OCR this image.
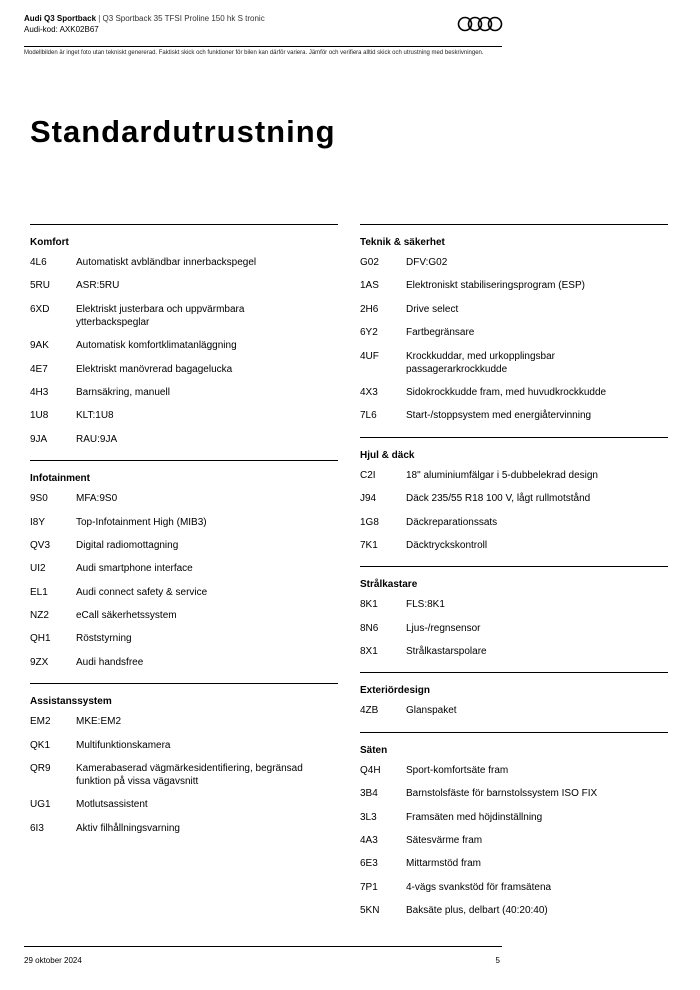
Audi Q3 Sportback | Q3 Sportback 35 TFSI Proline 150 hk S tronic
Audi-kod: AXK02B67
Modellbilden är inget foto utan tekniskt genererad. Faktiskt skick och funktioner för bilen kan därför variera. Jämför och verifiera alltid skick och utrustning med beskrivningen.
Standardutrustning
Komfort
4L6	Automatiskt avbländbar innerbackspegel
5RU	ASR:5RU
6XD	Elektriskt justerbara och uppvärmbara ytterbackspeglar
9AK	Automatisk komfortklimatanläggning
4E7	Elektriskt manövrerad bagagelucka
4H3	Barnsäkring, manuell
1U8	KLT:1U8
9JA	RAU:9JA
Infotainment
9S0	MFA:9S0
I8Y	Top-Infotainment High (MIB3)
QV3	Digital radiomottagning
UI2	Audi smartphone interface
EL1	Audi connect safety & service
NZ2	eCall säkerhetssystem
QH1	Röststyrning
9ZX	Audi handsfree
Assistanssystem
EM2	MKE:EM2
QK1	Multifunktionskamera
QR9	Kamerabaserad vägmärkesidentifiering, begränsad funktion på vissa vägavsnitt
UG1	Motlutsassistent
6I3	Aktiv filhållningsvarning
Teknik & säkerhet
G02	DFV:G02
1AS	Elektroniskt stabiliseringsprogram (ESP)
2H6	Drive select
6Y2	Fartbegränsare
4UF	Krockkuddar, med urkopplingsbar passagerarkrockkudde
4X3	Sidokrockkudde fram, med huvudkrockkudde
7L6	Start-/stoppsystem med energiåtervinning
Hjul & däck
C2I	18" aluminiumfälgar i 5-dubbelekrad design
J94	Däck 235/55 R18 100 V, lågt rullmotstånd
1G8	Däckreparationssats
7K1	Däcktryckskontroll
Strålkastare
8K1	FLS:8K1
8N6	Ljus-/regnsensor
8X1	Strålkastarspolare
Exteriördesign
4ZB	Glanspaket
Säten
Q4H	Sport-komfortsäte fram
3B4	Barnstolsfäste för barnstolssystem ISO FIX
3L3	Framsäten med höjdinställning
4A3	Sätesvärme fram
6E3	Mittarmstöd fram
7P1	4-vägs svankstöd för framsätena
5KN	Baksäte plus, delbart (40:20:40)
29 oktober 2024	5
